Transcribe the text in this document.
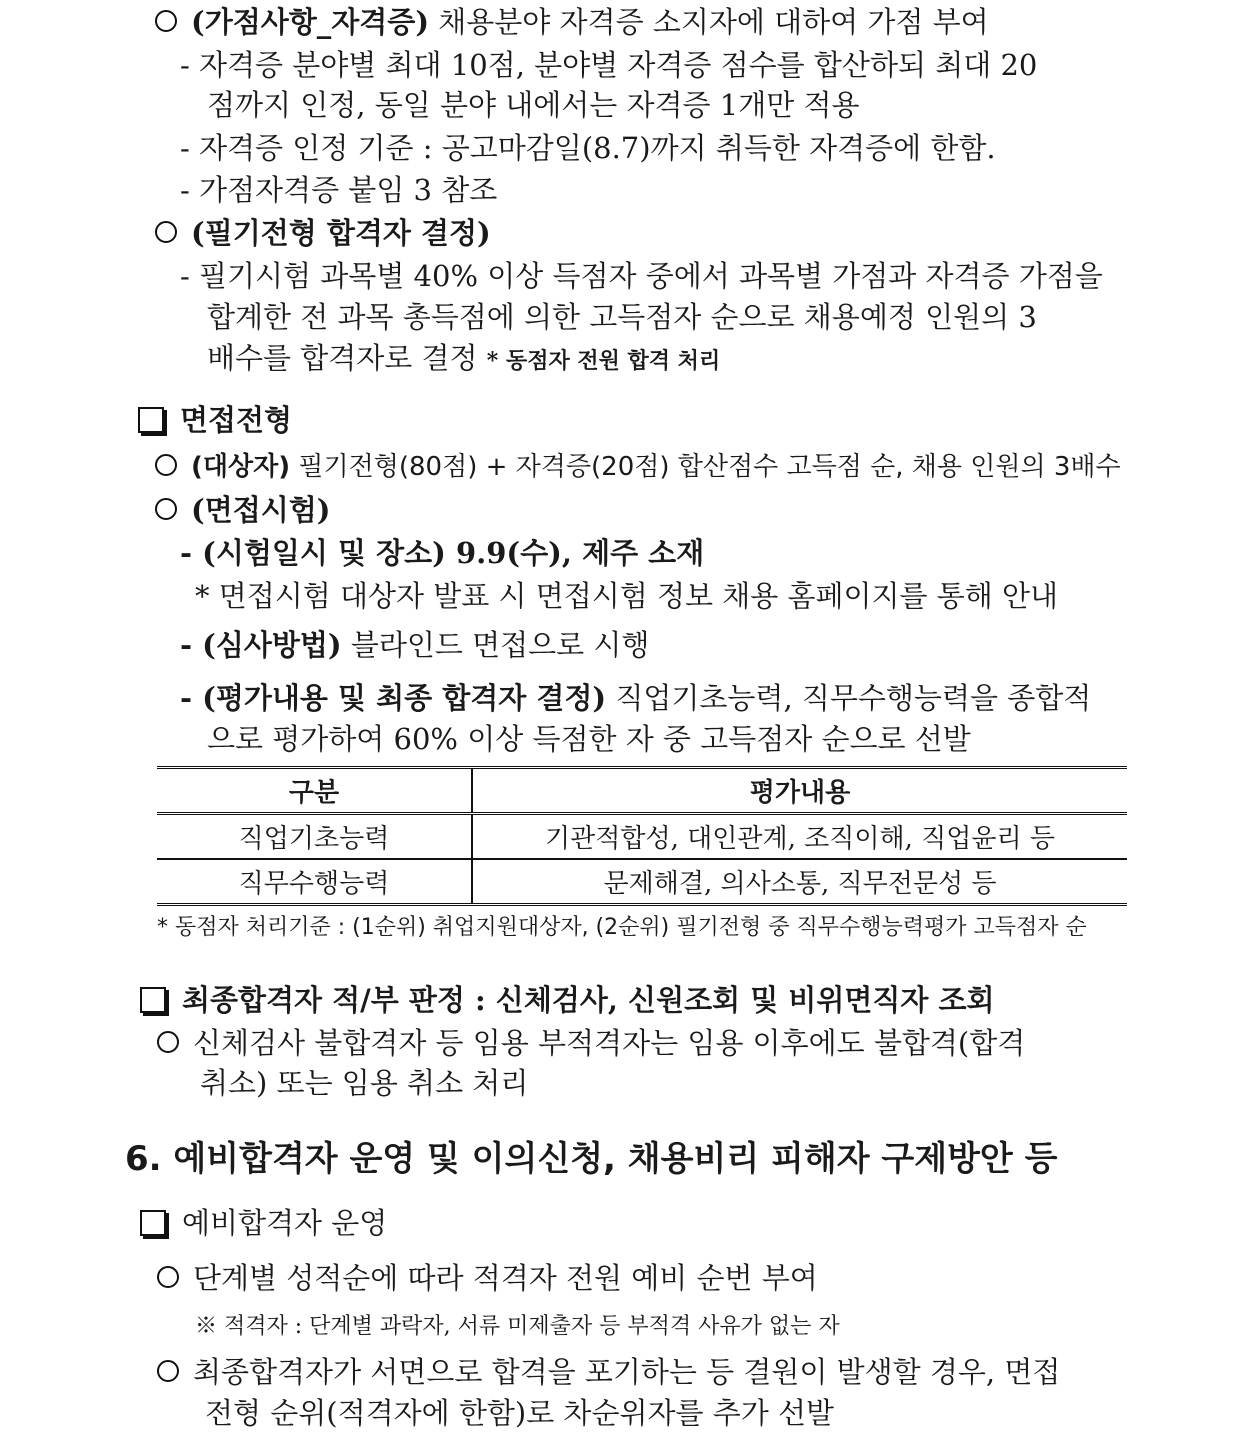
(가점사항_자격증) 채용분야 자격증 소지자에 대하여 가점 부여
- 자격증 분야별 최대 10점, 분야별 자격증 점수를 합산하되 최대 20
점까지 인정, 동일 분야 내에서는 자격증 1개만 적용
- 자격증 인정 기준 : 공고마감일(8.7)까지 취득한 자격증에 한함.
- 가점자격증 붙임 3 참조
(필기전형 합격자 결정)
- 필기시험 과목별 40% 이상 득점자 중에서 과목별 가점과 자격증 가점을
합계한 전 과목 총득점에 의한 고득점자 순으로 채용예정 인원의 3
배수를 합격자로 결정 * 동점자 전원 합격 처리
면접전형
(대상자) 필기전형(80점) + 자격증(20점) 합산점수 고득점 순, 채용 인원의 3배수
(면접시험)
- (시험일시 및 장소) 9.9(수), 제주 소재
* 면접시험 대상자 발표 시 면접시험 정보 채용 홈페이지를 통해 안내
- (심사방법) 블라인드 면접으로 시행
- (평가내용 및 최종 합격자 결정) 직업기초능력, 직무수행능력을 종합적
으로 평가하여 60% 이상 득점한 자 중 고득점자 순으로 선발
구분	평가내용
직업기초능력	기관적합성, 대인관계, 조직이해, 직업윤리 등
직무수행능력	문제해결, 의사소통, 직무전문성 등
* 동점자 처리기준 : (1순위) 취업지원대상자, (2순위) 필기전형 중 직무수행능력평가 고득점자 순
최종합격자 적/부 판정 : 신체검사, 신원조회 및 비위면직자 조회
신체검사 불합격자 등 임용 부적격자는 임용 이후에도 불합격(합격
취소) 또는 임용 취소 처리
6. 예비합격자 운영 및 이의신청, 채용비리 피해자 구제방안 등
예비합격자 운영
단계별 성적순에 따라 적격자 전원 예비 순번 부여
※ 적격자 : 단계별 과락자, 서류 미제출자 등 부적격 사유가 없는 자
최종합격자가 서면으로 합격을 포기하는 등 결원이 발생할 경우, 면접
전형 순위(적격자에 한함)로 차순위자를 추가 선발
